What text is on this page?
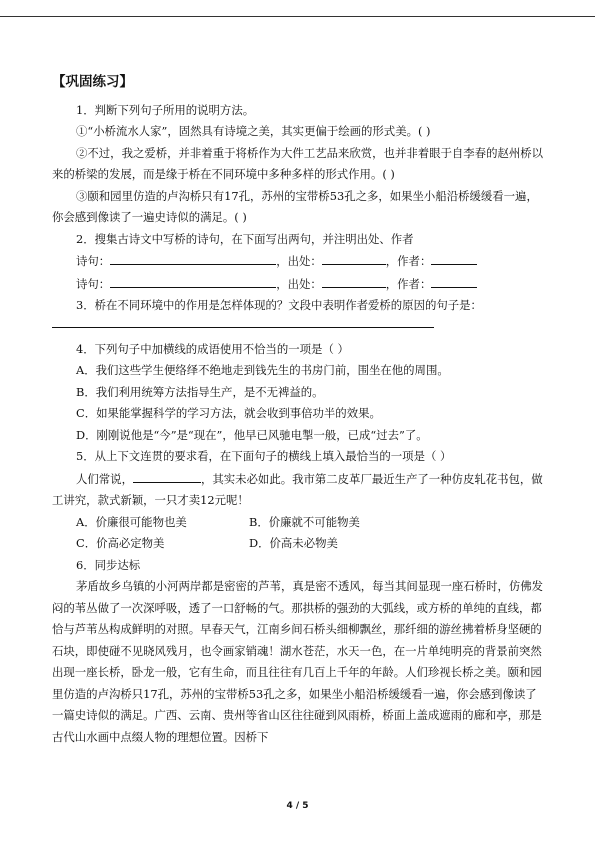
【巩固练习】

1．判断下列句子所用的说明方法。

①“小桥流水人家”，固然具有诗境之美，其实更偏于绘画的形式美。( )

②不过，我之爱桥，并非着重于将桥作为大件工艺品来欣赏，也并非着眼于自李春的赵州桥以来的桥梁的发展，而是缘于桥在不同环境中多种多样的形式作用。( )

③颐和园里仿造的卢沟桥只有17孔，苏州的宝带桥53孔之多，如果坐小船沿桥缓缓看一遍，你会感到像读了一遍史诗似的满足。( )

2．搜集古诗文中写桥的诗句，在下面写出两句，并注明出处、作者

诗句：	，出处：	，作者：

诗句：	，出处：	，作者：

3．桥在不同环境中的作用是怎样体现的？文段中表明作者爱桥的原因的句子是：

4．下列句子中加横线的成语使用不恰当的一项是（ ）

A．我们这些学生便络绎不绝地走到钱先生的书房门前，围坐在他的周围。

B．我们利用统筹方法指导生产，是不无裨益的。

C．如果能掌握科学的学习方法，就会收到事倍功半的效果。

D．刚刚说他是“今”是“现在”，他早已风驰电掣一般，已成“过去”了。

5．从上下文连贯的要求看，在下面句子的横线上填入最恰当的一项是（ ）

人们常说，	，其实未必如此。我市第二皮革厂最近生产了一种仿皮轧花书包，做工讲究，款式新颖，一只才卖12元呢！

A．价廉很可能物也美	B．价廉就不可能物美
C．价高必定物美	D．价高未必物美

6．同步达标

茅盾故乡乌镇的小河两岸都是密密的芦苇，真是密不透风，每当其间显现一座石桥时，仿佛发闷的苇丛做了一次深呼吸，透了一口舒畅的气。那拱桥的强劲的大弧线，或方桥的单纯的直线，都恰与芦苇丛构成鲜明的对照。早春天气，江南乡间石桥头细柳飘丝，那纤细的游丝拂着桥身坚硬的石块，即使碰不见晓风残月，也令画家销魂！湖水苍茫，水天一色，在一片单纯明亮的背景前突然出现一座长桥，卧龙一般，它有生命，而且往往有几百上千年的年龄。人们珍视长桥之美。颐和园里仿造的卢沟桥只17孔，苏州的宝带桥53孔之多，如果坐小船沿桥缓缓看一遍，你会感到像读了一篇史诗似的满足。广西、云南、贵州等省山区往往碰到风雨桥，桥面上盖成遮雨的廊和亭，那是古代山水画中点缀人物的理想位置。因桥下

4 / 5
